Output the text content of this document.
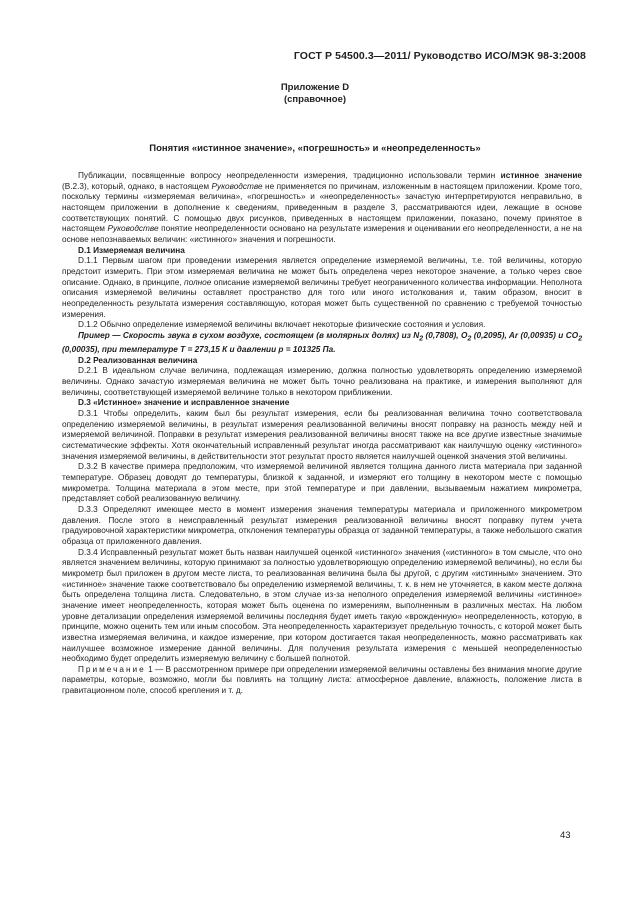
ГОСТ Р 54500.3—2011/ Руководство ИСО/МЭК 98-3:2008
Приложение D
(справочное)
Понятия «истинное значение», «погрешность» и «неопределенность»

Публикации, посвященные вопросу неопределенности измерения, традиционно использовали термин истинное значение (B.2.3), который, однако, в настоящем Руководстве не применяется по причинам, изложенным в настоящем приложении. Кроме того, поскольку термины «измеряемая величина», «погрешность» и «неопределенность» зачастую интерпретируются неправильно, в настоящем приложении в дополнение к сведениям, приведенным в разделе 3, рассматриваются идеи, лежащие в основе соответствующих понятий. С помощью двух рисунков, приведенных в настоящем приложении, показано, почему принятое в настоящем Руководстве понятие неопределенности основано на результате измерения и оценивании его неопределенности, а не на основе непознаваемых величин: «истинного» значения и погрешности.

D.1 Измеряемая величина

D.1.1 Первым шагом при проведении измерения является определение измеряемой величины, т.е. той величины, которую предстоит измерить. При этом измеряемая величина не может быть определена через некоторое значение, а только через свое описание. Однако, в принципе, полное описание измеряемой величины требует неограниченного количества информации. Неполнота описания измеряемой величины оставляет пространство для того или иного истолкования и, таким образом, вносит в неопределенность результата измерения составляющую, которая может быть существенной по сравнению с требуемой точностью измерения.

D.1.2 Обычно определение измеряемой величины включает некоторые физические состояния и условия.

Пример — Скорость звука в сухом воздухе, состоящем (в молярных долях) из $N_2$ (0,7808), $O_2$ (0,2095), Ar (0,00935) и $CO_2$ (0,00035), при температуре T = 273,15 К и давлении p = 101325 Па.

D.2 Реализованная величина

D.2.1 В идеальном случае величина, подлежащая измерению, должна полностью удовлетворять определению измеряемой величины. Однако зачастую измеряемая величина не может быть точно реализована на практике, и измерения выполняют для величины, соответствующей измеряемой величине только в некотором приближении.

D.3 «Истинное» значение и исправленное значение

D.3.1 Чтобы определить, каким был бы результат измерения, если бы реализованная величина точно соответствовала определению измеряемой величины, в результат измерения реализованной величины вносят поправку на разность между ней и измеряемой величиной. Поправки в результат измерения реализованной величины вносят также на все другие известные значимые систематические эффекты. Хотя окончательный исправленный результат иногда рассматривают как наилучшую оценку «истинного» значения измеряемой величины, в действительности этот результат просто является наилучшей оценкой значения этой величины.

D.3.2 В качестве примера предположим, что измеряемой величиной является толщина данного листа материала при заданной температуре. Образец доводят до температуры, близкой к заданной, и измеряют его толщину в некотором месте с помощью микрометра. Толщина материала в этом месте, при этой температуре и при давлении, вызываемым нажатием микрометра, представляет собой реализованную величину.

D.3.3 Определяют имеющее место в момент измерения значения температуры материала и приложенного микрометром давления. После этого в неисправленный результат измерения реализованной величины вносят поправку путем учета градуировочной характеристики микрометра, отклонения температуры образца от заданной температуры, а также небольшого сжатия образца от приложенного давления.

D.3.4 Исправленный результат может быть назван наилучшей оценкой «истинного» значения («истинного» в том смысле, что оно является значением величины, которую принимают за полностью удовлетворяющую определению измеряемой величины), но если бы микрометр был приложен в другом месте листа, то реализованная величина была бы другой, с другим «истинным» значением. Это «истинное» значение также соответствовало бы определению измеряемой величины, т. к. в нем не уточняется, в каком месте должна быть определена толщина листа. Следовательно, в этом случае из-за неполного определения измеряемой величины «истинное» значение имеет неопределенность, которая может быть оценена по измерениям, выполненным в различных местах. На любом уровне детализации определения измеряемой величины последняя будет иметь такую «врожденную» неопределенность, которую, в принципе, можно оценить тем или иным способом. Эта неопределенность характеризует предельную точность, с которой может быть известна измеряемая величина, и каждое измерение, при котором достигается такая неопределенность, можно рассматривать как наилучшее возможное измерение данной величины. Для получения результата измерения с меньшей неопределенностью необходимо будет определить измеряемую величину с большей полнотой.

Примечание 1 — В рассмотренном примере при определении измеряемой величины оставлены без внимания многие другие параметры, которые, возможно, могли бы повлиять на толщину листа: атмосферное давление, влажность, положение листа в гравитационном поле, способ крепления и т. д.

43
